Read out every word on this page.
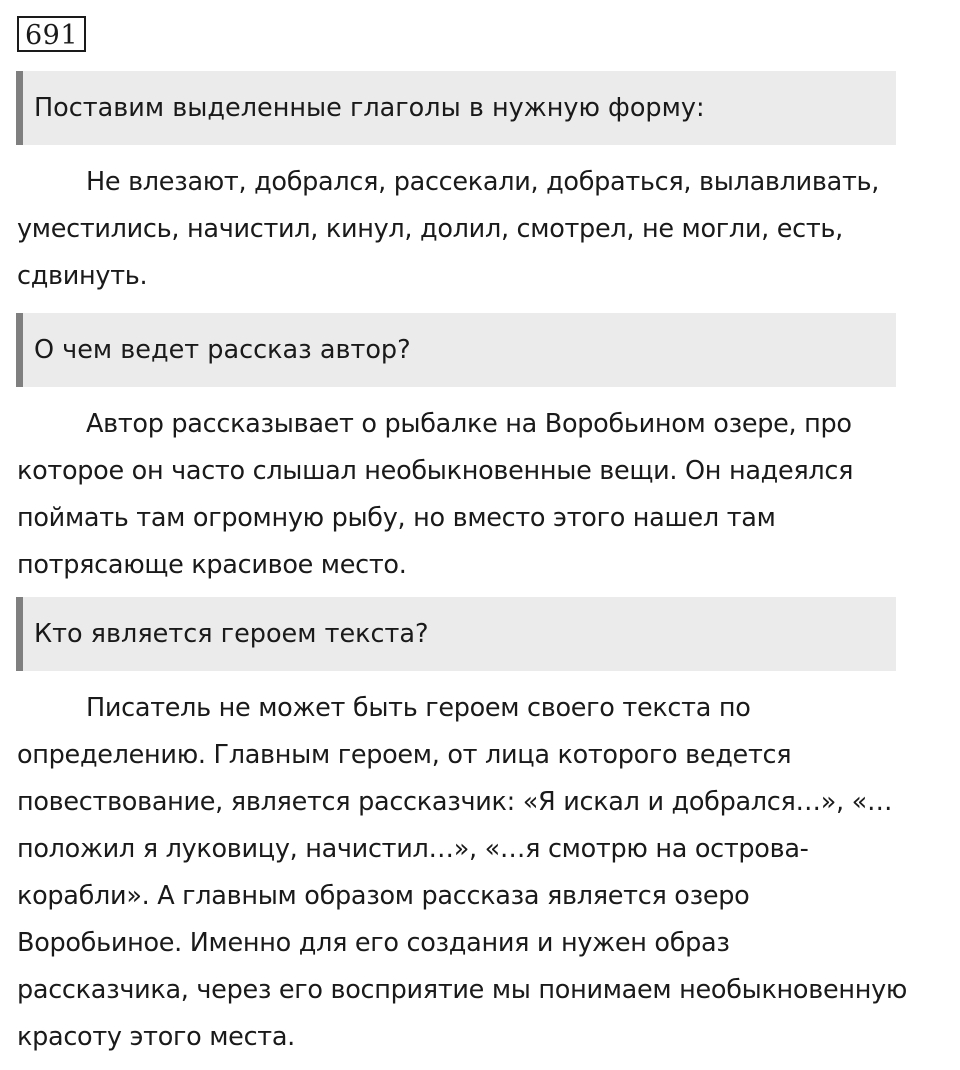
691
Поставим выделенные глаголы в нужную форму:

Не влезают, добрался, рассекали, добраться, вылавливать, уместились, начистил, кинул, долил, смотрел, не могли, есть, сдвинуть.

О чем ведет рассказ автор?

Автор рассказывает о рыбалке на Воробьином озере, про которое он часто слышал необыкновенные вещи. Он надеялся поймать там огромную рыбу, но вместо этого нашел там потрясающе красивое место.

Кто является героем текста?

Писатель не может быть героем своего текста по определению. Главным героем, от лица которого ведется повествование, является рассказчик: «Я искал и добрался…», «…положил я луковицу, начистил…», «…я смотрю на острова-корабли». А главным образом рассказа является озеро Воробьиное. Именно для его создания и нужен образ рассказчика, через его восприятие мы понимаем необыкновенную красоту этого места.
